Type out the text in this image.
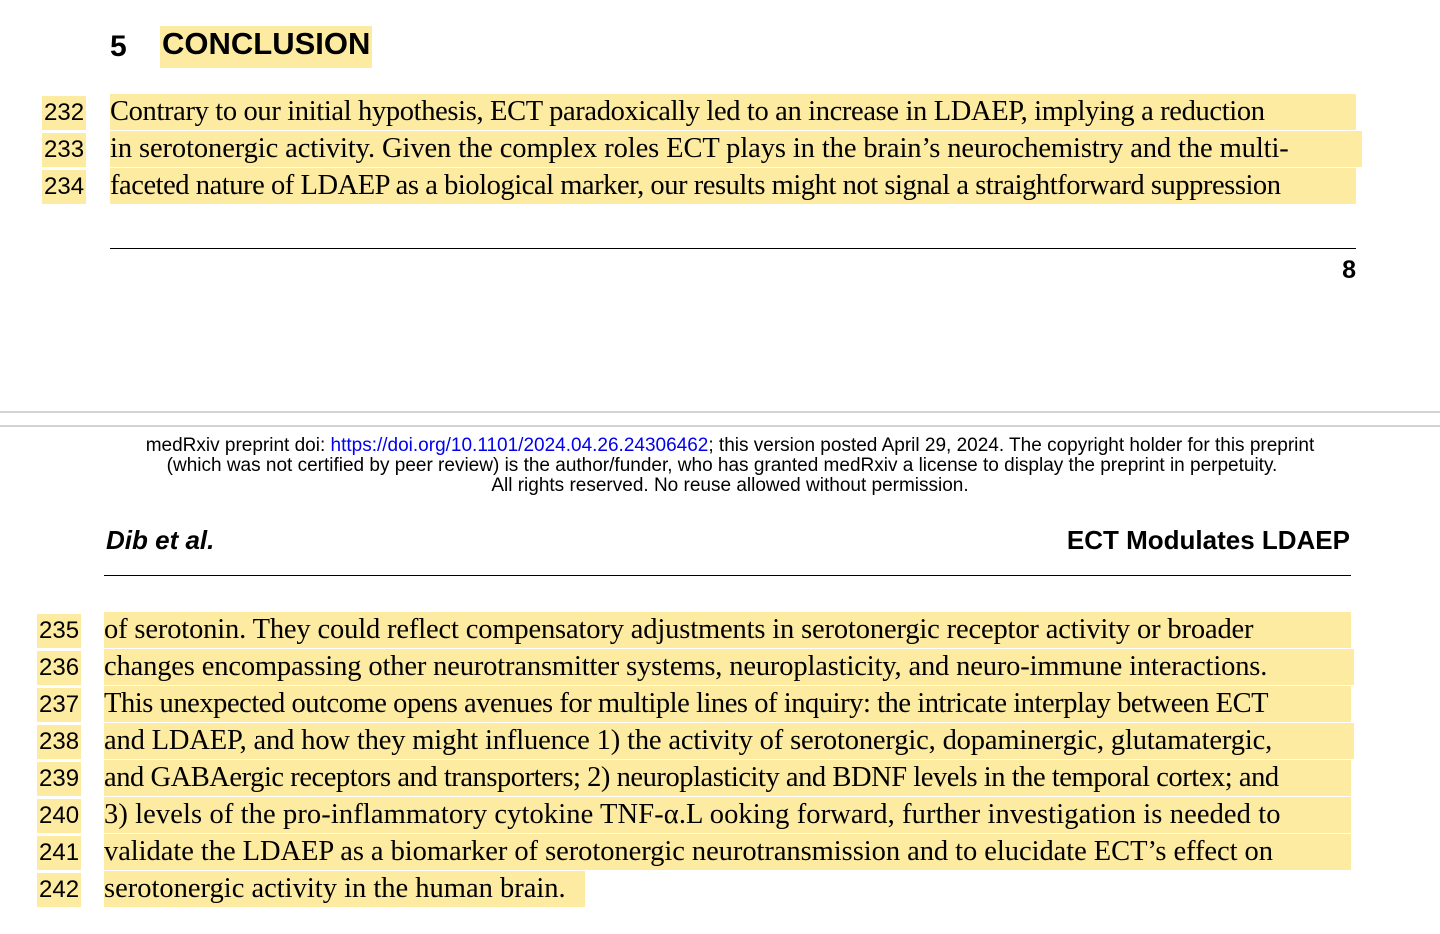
5 CONCLUSION
232
233
234
Contrary to our initial hypothesis, ECT paradoxically led to an increase in LDAEP, implying a reduction
in serotonergic activity. Given the complex roles ECT plays in the brain’s neurochemistry and the multi-
faceted nature of LDAEP as a biological marker, our results might not signal a straightforward suppression
8
medRxiv preprint doi: https://doi.org/10.1101/2024.04.26.24306462; this version posted April 29, 2024. The copyright holder for this preprint
(which was not certified by peer review) is the author/funder, who has granted medRxiv a license to display the preprint in perpetuity.
All rights reserved. No reuse allowed without permission.
Dib et al.	ECT Modulates LDAEP
235
236
237
238
239
240
241
242
of serotonin. They could reflect compensatory adjustments in serotonergic receptor activity or broader
changes encompassing other neurotransmitter systems, neuroplasticity, and neuro-immune interactions.
This unexpected outcome opens avenues for multiple lines of inquiry: the intricate interplay between ECT
and LDAEP, and how they might influence 1) the activity of serotonergic, dopaminergic, glutamatergic,
and GABAergic receptors and transporters; 2) neuroplasticity and BDNF levels in the temporal cortex; and
3) levels of the pro-inflammatory cytokine TNF-α.L ooking forward, further investigation is needed to
validate the LDAEP as a biomarker of serotonergic neurotransmission and to elucidate ECT’s effect on
serotonergic activity in the human brain.
